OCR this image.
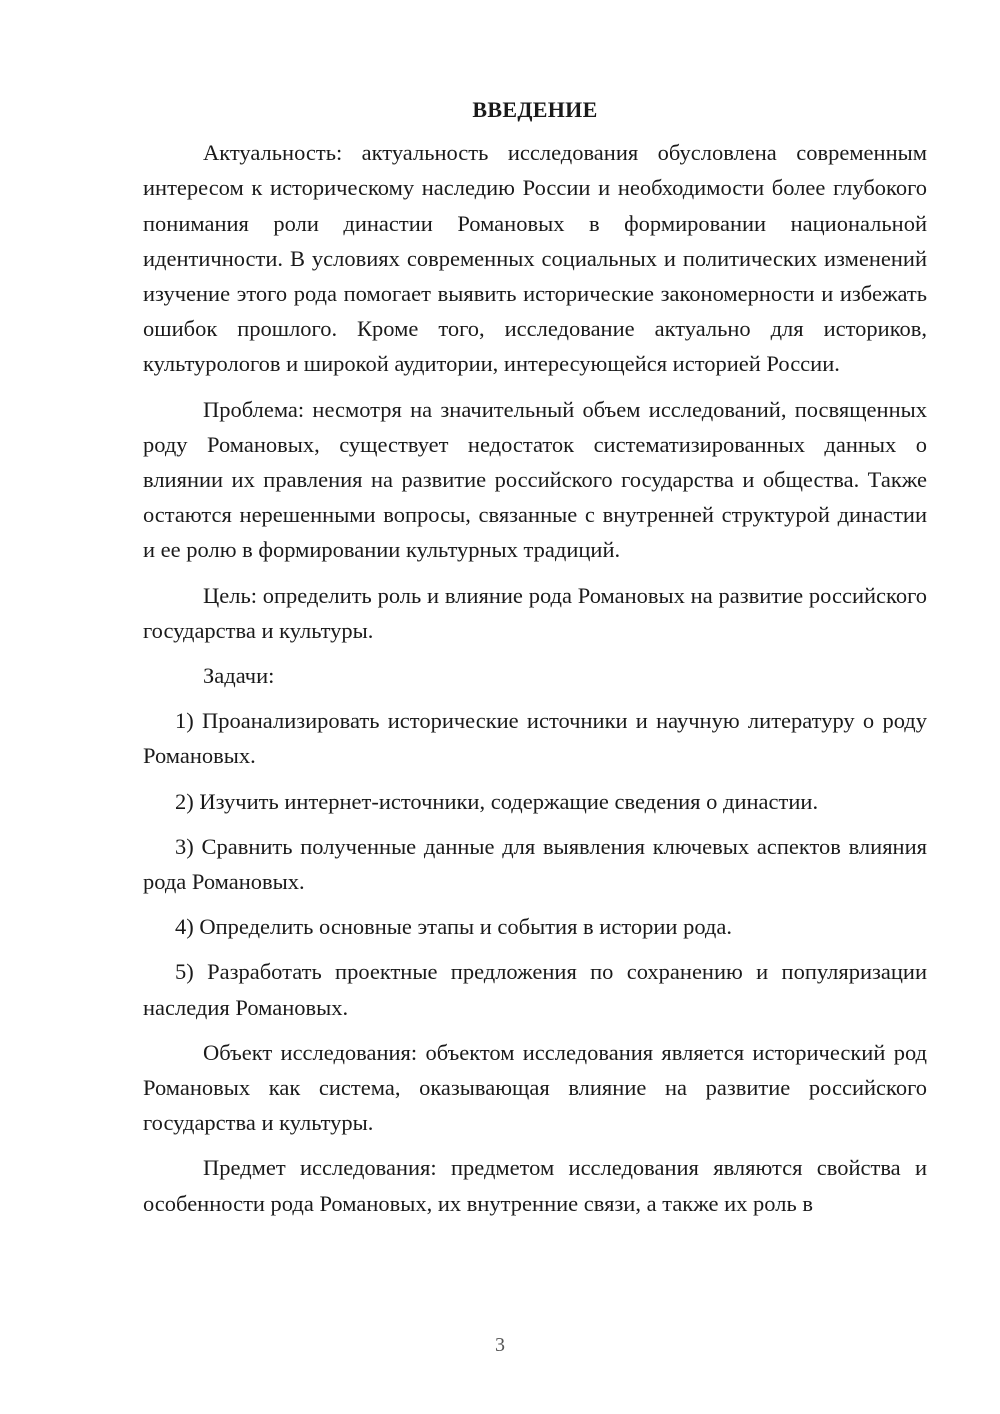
ВВЕДЕНИЕ

Актуальность: актуальность исследования обусловлена современным интересом к историческому наследию России и необходимости более глубокого понимания роли династии Романовых в формировании национальной идентичности. В условиях современных социальных и политических изменений изучение этого рода помогает выявить исторические закономерности и избежать ошибок прошлого. Кроме того, исследование актуально для историков, культурологов и широкой аудитории, интересующейся историей России.

Проблема: несмотря на значительный объем исследований, посвященных роду Романовых, существует недостаток систематизированных данных о влиянии их правления на развитие российского государства и общества. Также остаются нерешенными вопросы, связанные с внутренней структурой династии и ее ролю в формировании культурных традиций.

Цель: определить роль и влияние рода Романовых на развитие российского государства и культуры.

Задачи:

1) Проанализировать исторические источники и научную литературу о роду Романовых.

2) Изучить интернет-источники, содержащие сведения о династии.

3) Сравнить полученные данные для выявления ключевых аспектов влияния рода Романовых.

4) Определить основные этапы и события в истории рода.

5) Разработать проектные предложения по сохранению и популяризации наследия Романовых.

Объект исследования: объектом исследования является исторический род Романовых как система, оказывающая влияние на развитие российского государства и культуры.

Предмет исследования: предметом исследования являются свойства и особенности рода Романовых, их внутренние связи, а также их роль в

3
